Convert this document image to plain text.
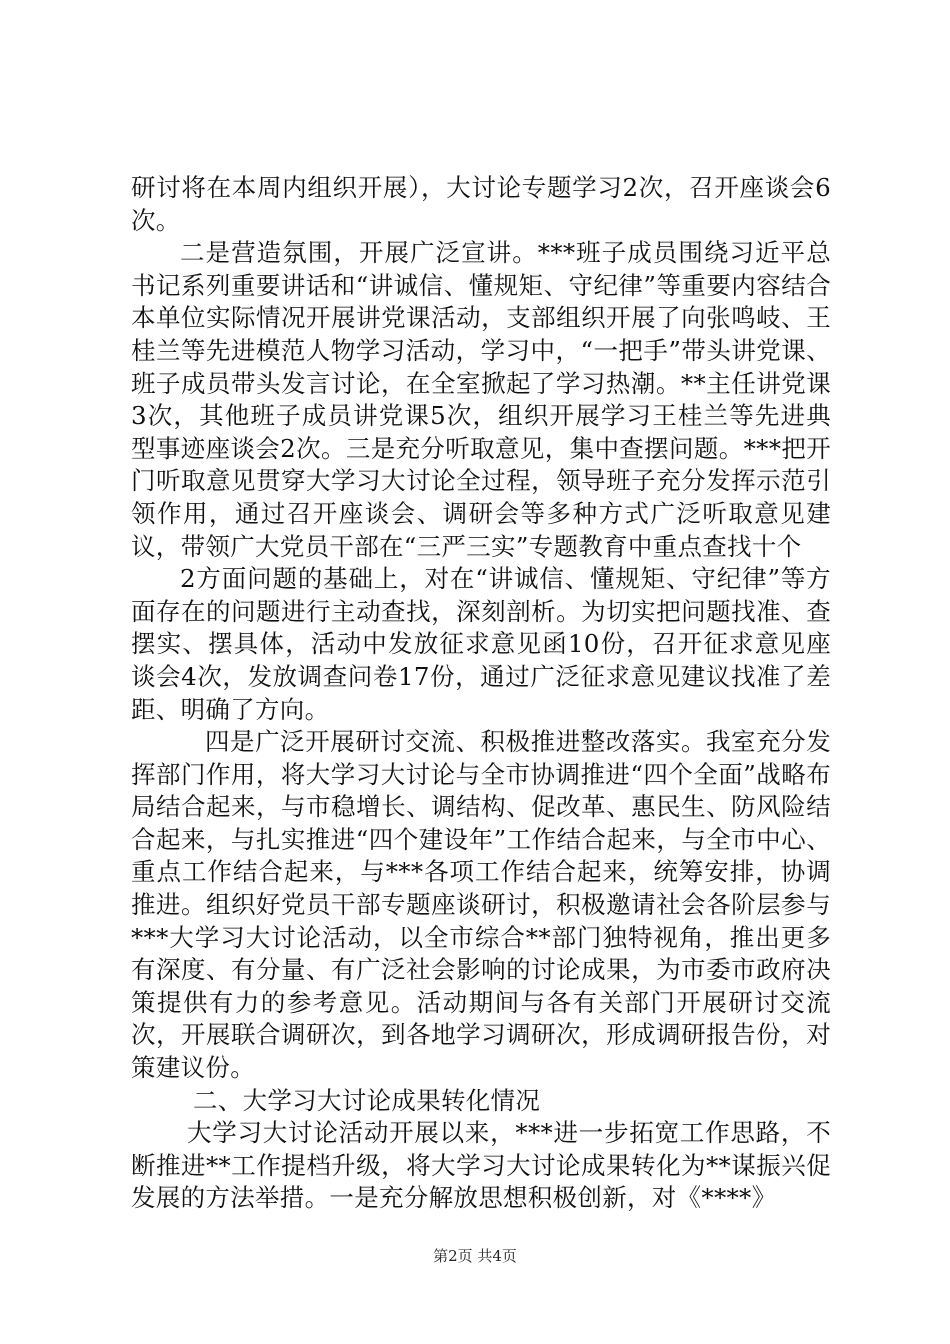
研讨将在本周内组织开展），大讨论专题学习2次，召开座谈会6次。

二是营造氛围，开展广泛宣讲。***班子成员围绕习近平总书记系列重要讲话和“讲诚信、懂规矩、守纪律”等重要内容结合本单位实际情况开展讲党课活动，支部组织开展了向张鸣岐、王桂兰等先进模范人物学习活动，学习中，“一把手”带头讲党课、班子成员带头发言讨论，在全室掀起了学习热潮。**主任讲党课3次，其他班子成员讲党课5次，组织开展学习王桂兰等先进典型事迹座谈会2次。三是充分听取意见，集中查摆问题。***把开门听取意见贯穿大学习大讨论全过程，领导班子充分发挥示范引领作用，通过召开座谈会、调研会等多种方式广泛听取意见建议，带领广大党员干部在“三严三实”专题教育中重点查找十个

2方面问题的基础上，对在“讲诚信、懂规矩、守纪律”等方面存在的问题进行主动查找，深刻剖析。为切实把问题找准、查摆实、摆具体，活动中发放征求意见函10份，召开征求意见座谈会4次，发放调查问卷17份，通过广泛征求意见建议找准了差距、明确了方向。

四是广泛开展研讨交流、积极推进整改落实。我室充分发挥部门作用，将大学习大讨论与全市协调推进“四个全面”战略布局结合起来，与市稳增长、调结构、促改革、惠民生、防风险结合起来，与扎实推进“四个建设年”工作结合起来，与全市中心、重点工作结合起来，与***各项工作结合起来，统筹安排，协调推进。组织好党员干部专题座谈研讨，积极邀请社会各阶层参与***大学习大讨论活动，以全市综合**部门独特视角，推出更多有深度、有分量、有广泛社会影响的讨论成果，为市委市政府决策提供有力的参考意见。活动期间与各有关部门开展研讨交流次，开展联合调研次，到各地学习调研次，形成调研报告份，对策建议份。

二、大学习大讨论成果转化情况

大学习大讨论活动开展以来，***进一步拓宽工作思路，不断推进**工作提档升级，将大学习大讨论成果转化为**谋振兴促发展的方法举措。一是充分解放思想积极创新，对《****》

第2页 共4页
